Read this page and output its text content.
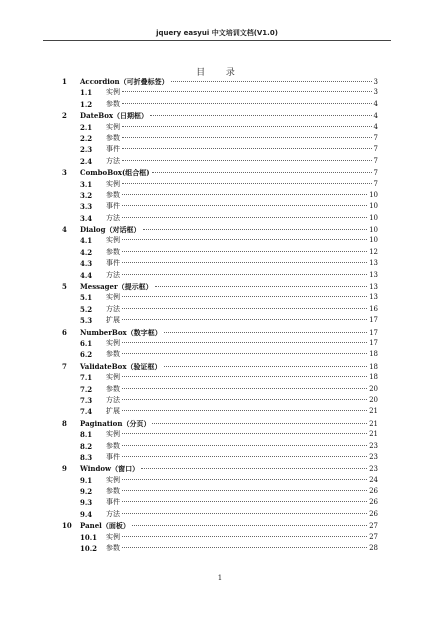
jquery easyui 中文培训文档(V1.0)
目 录
1 Accordion（可折叠标签）	3
1.1 实例	3
1.2 参数	4
2 DateBox（日期框）	4
2.1 实例	4
2.2 参数	7
2.3 事件	7
2.4 方法	7
3 ComboBox(组合框)	7
3.1 实例	7
3.2 参数	10
3.3 事件	10
3.4 方法	10
4 Dialog（对话框）	10
4.1 实例	10
4.2 参数	12
4.3 事件	13
4.4 方法	13
5 Messager（提示框）	13
5.1 实例	13
5.2 方法	16
5.3 扩展	17
6 NumberBox（数字框）	17
6.1 实例	17
6.2 参数	18
7 ValidateBox（验证框）	18
7.1 实例	18
7.2 参数	20
7.3 方法	20
7.4 扩展	21
8 Pagination（分页）	21
8.1 实例	21
8.2 参数	23
8.3 事件	23
9 Window（窗口）	23
9.1 实例	24
9.2 参数	26
9.3 事件	26
9.4 方法	26
10 Panel（面板）	27
10.1 实例	27
10.2 参数	28
1
